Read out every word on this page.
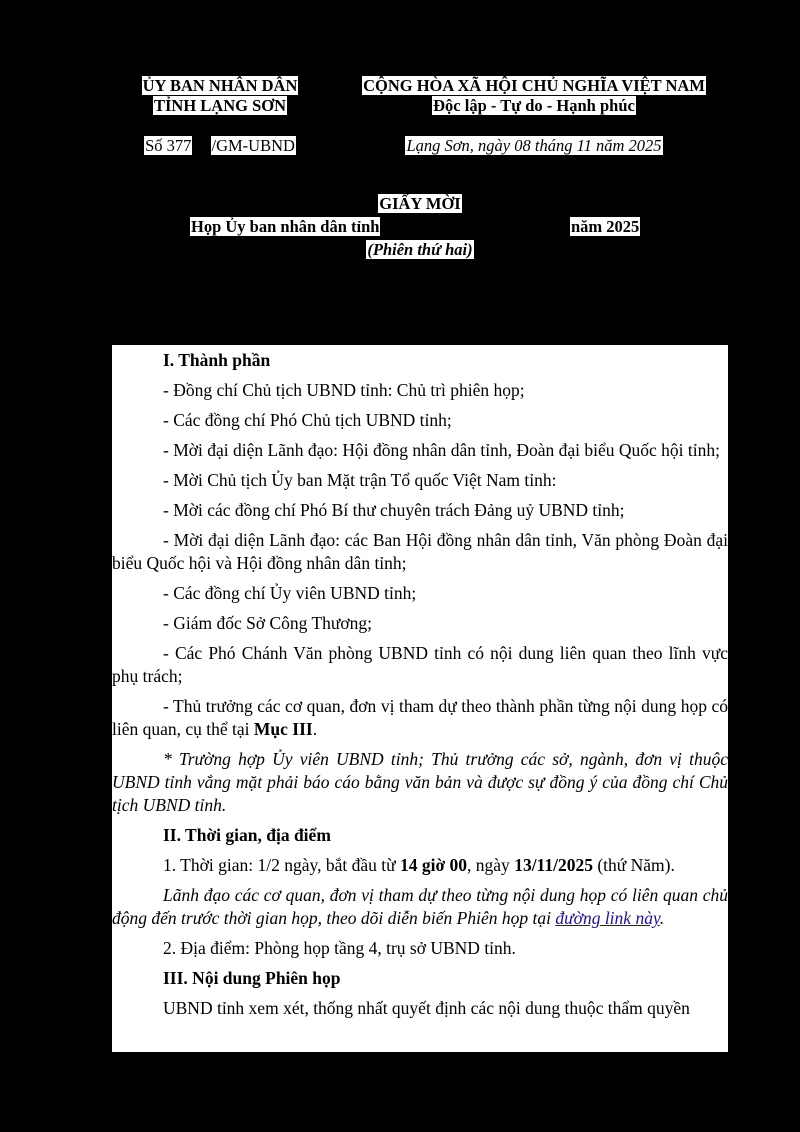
ỦY BAN NHÂN DÂN
TỈNH LẠNG SƠN
CỘNG HÒA XÃ HỘI CHỦ NGHĨA VIỆT NAM
Độc lập - Tự do - Hạnh phúc
Số 377 /GM-UBND	Lạng Sơn, ngày 08 tháng 11 năm 2025
GIẤY MỜI
Họp Ủy ban nhân dân tỉnh	năm 2025
(Phiên thứ hai)

I. Thành phần

- Đồng chí Chủ tịch UBND tỉnh: Chủ trì phiên họp;

- Các đồng chí Phó Chủ tịch UBND tỉnh;

- Mời đại diện Lãnh đạo: Hội đồng nhân dân tỉnh, Đoàn đại biểu Quốc hội tỉnh;

- Mời Chủ tịch Ủy ban Mặt trận Tổ quốc Việt Nam tỉnh:

- Mời các đồng chí Phó Bí thư chuyên trách Đảng uỷ UBND tỉnh;

- Mời đại diện Lãnh đạo: các Ban Hội đồng nhân dân tỉnh, Văn phòng Đoàn đại biểu Quốc hội và Hội đồng nhân dân tỉnh;

- Các đồng chí Ủy viên UBND tỉnh;

- Giám đốc Sở Công Thương;

- Các Phó Chánh Văn phòng UBND tỉnh có nội dung liên quan theo lĩnh vực phụ trách;

- Thủ trưởng các cơ quan, đơn vị tham dự theo thành phần từng nội dung họp có liên quan, cụ thể tại Mục III.

* Trường hợp Ủy viên UBND tỉnh; Thủ trưởng các sở, ngành, đơn vị thuộc UBND tỉnh vắng mặt phải báo cáo bằng văn bản và được sự đồng ý của đồng chí Chủ tịch UBND tỉnh.

II. Thời gian, địa điểm

1. Thời gian: 1/2 ngày, bắt đầu từ 14 giờ 00, ngày 13/11/2025 (thứ Năm).

Lãnh đạo các cơ quan, đơn vị tham dự theo từng nội dung họp có liên quan chủ động đến trước thời gian họp, theo dõi diễn biến Phiên họp tại đường link này.

2. Địa điểm: Phòng họp tầng 4, trụ sở UBND tỉnh.

III. Nội dung Phiên họp

UBND tỉnh xem xét, thống nhất quyết định các nội dung thuộc thẩm quyền
